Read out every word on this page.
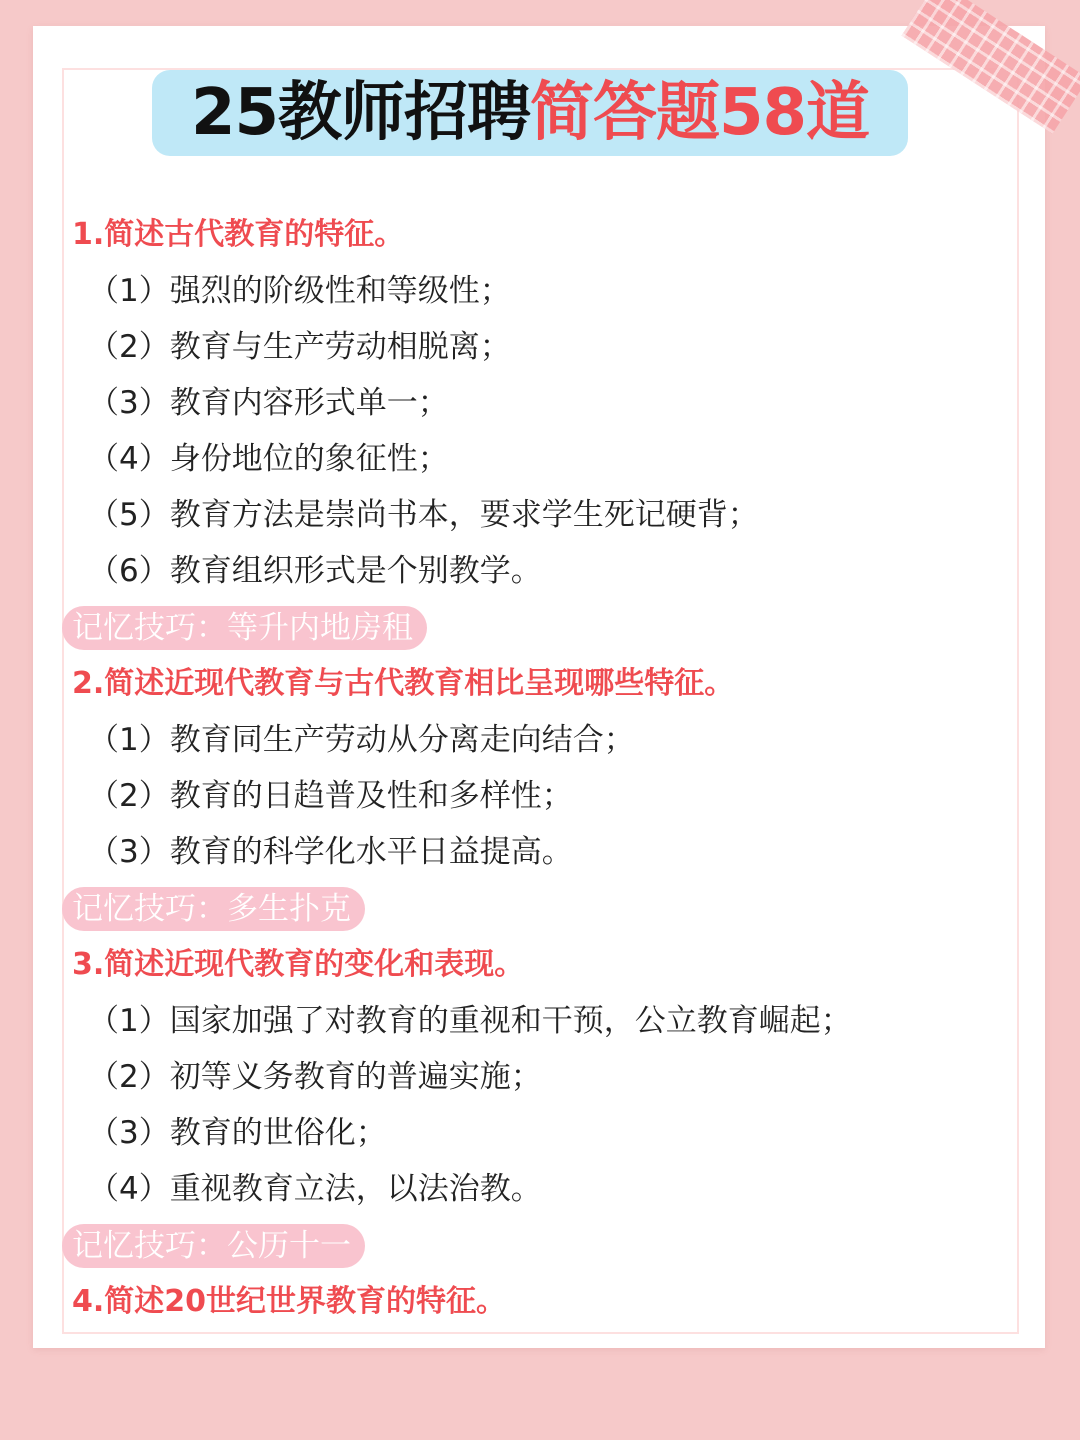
25教师招聘简答题58道
1.简述古代教育的特征。
（1）强烈的阶级性和等级性；
（2）教育与生产劳动相脱离；
（3）教育内容形式单一；
（4）身份地位的象征性；
（5）教育方法是崇尚书本，要求学生死记硬背；
（6）教育组织形式是个别教学。
记忆技巧：等升内地房租
2.简述近现代教育与古代教育相比呈现哪些特征。
（1）教育同生产劳动从分离走向结合；
（2）教育的日趋普及性和多样性；
（3）教育的科学化水平日益提高。
记忆技巧：多生扑克
3.简述近现代教育的变化和表现。
（1）国家加强了对教育的重视和干预，公立教育崛起；
（2）初等义务教育的普遍实施；
（3）教育的世俗化；
（4）重视教育立法，以法治教。
记忆技巧：公历十一
4.简述20世纪世界教育的特征。
